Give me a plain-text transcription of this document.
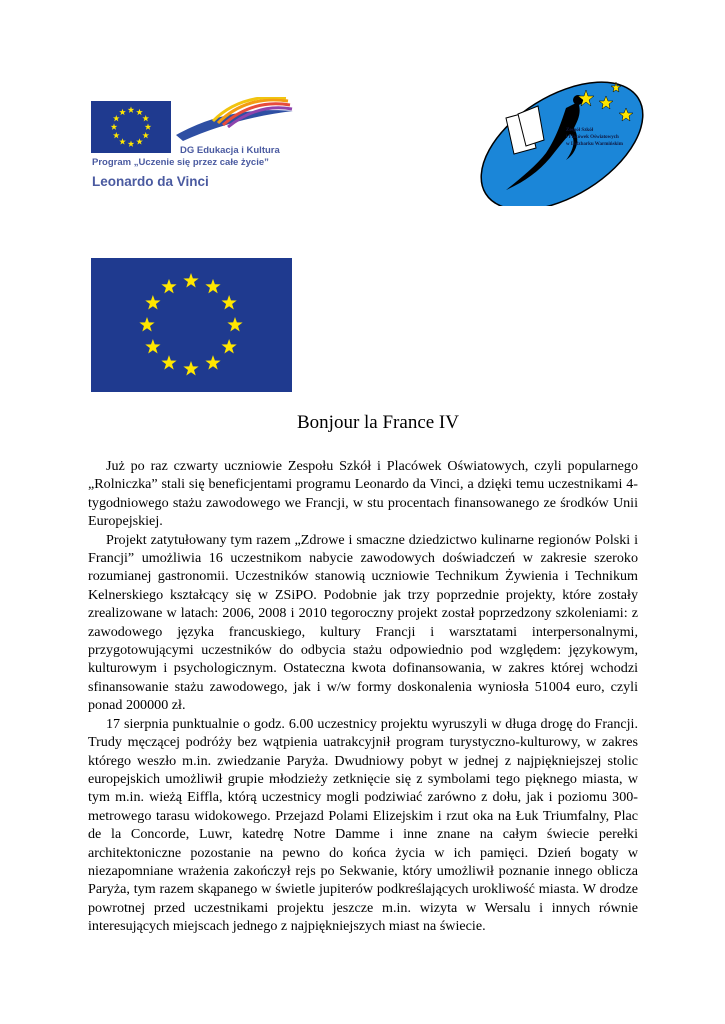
DG Edukacja i Kultura
Program „Uczenie się przez całe życie”
Leonardo da Vinci
Zespół Szkół
i Placówek Oświatowych
w Lidzbarku Warmińskim
Bonjour la France IV

Już po raz czwarty uczniowie Zespołu Szkół i Placówek Oświatowych, czyli popularnego „Rolniczka” stali się beneficjentami programu Leonardo da Vinci, a dzięki temu uczestnikami 4-tygodniowego stażu zawodowego we Francji, w stu procentach finansowanego ze środków Unii Europejskiej.

Projekt zatytułowany tym razem „Zdrowe i smaczne dziedzictwo kulinarne regionów Polski i Francji” umożliwia 16 uczestnikom nabycie zawodowych doświadczeń w zakresie szeroko rozumianej gastronomii. Uczestników stanowią uczniowie Technikum Żywienia i Technikum Kelnerskiego kształcący się w ZSiPO. Podobnie jak trzy poprzednie projekty, które zostały zrealizowane w latach: 2006, 2008 i 2010 tegoroczny projekt został poprzedzony szkoleniami: z zawodowego języka francuskiego, kultury Francji i warsztatami interpersonalnymi, przygotowującymi uczestników do odbycia stażu odpowiednio pod względem: językowym, kulturowym i psychologicznym. Ostateczna kwota dofinansowania, w zakres której wchodzi sfinansowanie stażu zawodowego, jak i w/w formy doskonalenia wyniosła 51004 euro, czyli ponad 200000 zł.

17 sierpnia punktualnie o godz. 6.00 uczestnicy projektu wyruszyli w długa drogę do Francji. Trudy męczącej podróży bez wątpienia uatrakcyjnił program turystyczno-kulturowy, w zakres którego weszło m.in. zwiedzanie Paryża. Dwudniowy pobyt w jednej z najpiękniejszej stolic europejskich umożliwił grupie młodzieży zetknięcie się z symbolami tego pięknego miasta, w tym m.in. wieżą Eiffla, którą uczestnicy mogli podziwiać zarówno z dołu, jak i poziomu 300-metrowego tarasu widokowego. Przejazd Polami Elizejskim i rzut oka na Łuk Triumfalny, Plac de la Concorde, Luwr, katedrę Notre Damme i inne znane na całym świecie perełki architektoniczne pozostanie na pewno do końca życia w ich pamięci. Dzień bogaty w niezapomniane wrażenia zakończył rejs po Sekwanie, który umożliwił poznanie innego oblicza Paryża, tym razem skąpanego w świetle jupiterów podkreślających urokliwość miasta. W drodze powrotnej przed uczestnikami projektu jeszcze m.in. wizyta w Wersalu i innych równie interesujących miejscach jednego z najpiękniejszych miast na świecie.
